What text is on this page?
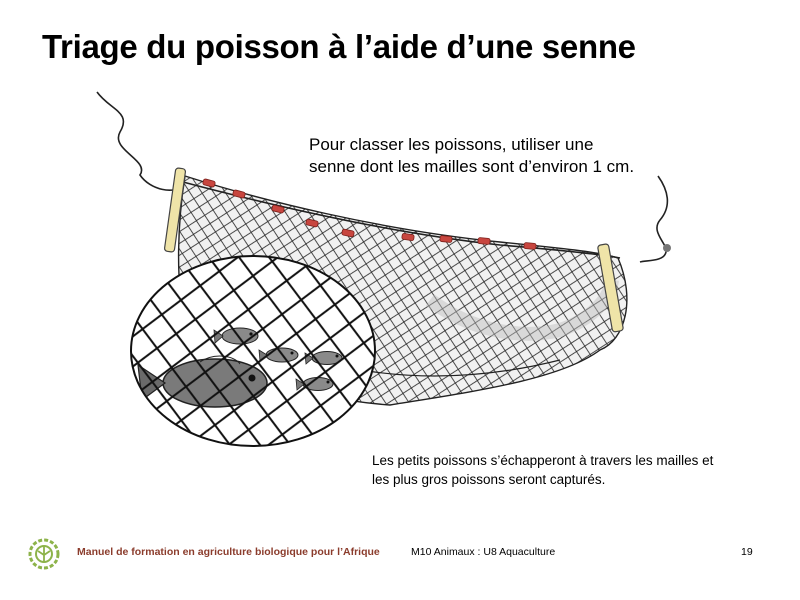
Triage du poisson à l’aide d’une senne

Pour classer les poissons, utiliser une senne dont les mailles sont d’environ 1 cm.

Les petits poissons s’échapperont à travers les mailles et les plus gros poissons seront capturés.

Manuel de formation en agriculture biologique pour l’Afrique	M10 Animaux : U8 Aquaculture	19
